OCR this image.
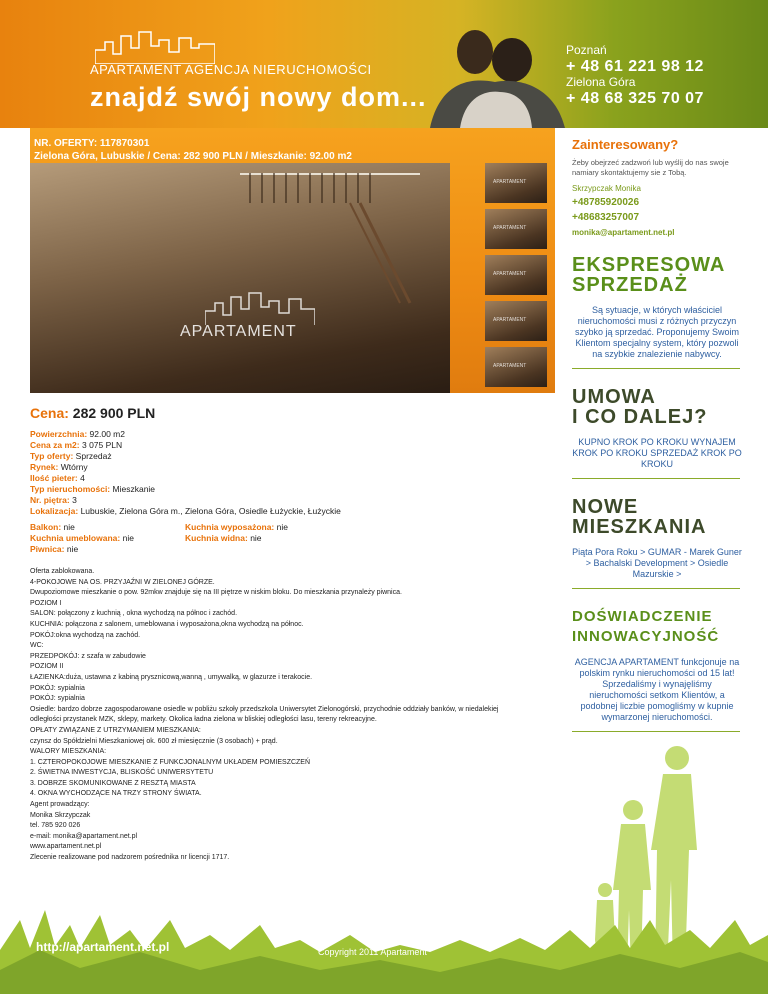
APARTAMENT AGENCJA NIERUCHOMOŚCI
znajdź swój nowy dom...
Poznań
+ 48 61 221 98 12
Zielona Góra
+ 48 68 325 70 07
NR. OFERTY: 117870301
Zielona Góra, Lubuskie / Cena: 282 900 PLN / Mieszkanie: 92.00 m2
APARTAMENT
APARTAMENT
APARTAMENT
APARTAMENT
APARTAMENT
APARTAMENT
Cena: 282 900 PLN
Powierzchnia: 92.00 m2
Cena za m2: 3 075 PLN
Typ oferty: Sprzedaż
Rynek: Wtórny
Ilość pieter: 4
Typ nieruchomości: Mieszkanie
Nr. piętra: 3
Lokalizacja: Lubuskie, Zielona Góra m., Zielona Góra, Osiedle Łużyckie, Łużyckie
Balkon: nie
Kuchnia umeblowana: nie
Piwnica: nie
Kuchnia wyposażona: nie
Kuchnia widna: nie
Oferta zablokowana.
4-POKOJOWE NA OS. PRZYJAŹNI W ZIELONEJ GÓRZE.
Dwupoziomowe mieszkanie o pow. 92mkw znajduje się na III piętrze w niskim bloku. Do mieszkania przynależy piwnica.
POZIOM I
SALON: połączony z kuchnią , okna wychodzą na północ i zachód.
KUCHNIA: połączona z salonem, umeblowana i wyposażona,okna wychodzą na północ.
POKÓJ:okna wychodzą na zachód.
WC:
PRZEDPOKÓJ: z szafa w zabudowie
POZIOM II
ŁAZIENKA:duża, ustawna z kabiną prysznicową,wanną , umywalką, w glazurze i terakocie.
POKÓJ: sypialnia
POKÓJ: sypialnia
Osiedle: bardzo dobrze zagospodarowane osiedle w pobliżu szkoły przedszkola Uniwersytet Zielonogórski, przychodnie oddziały banków, w niedalekiej
odległości przystanek MZK, sklepy, markety. Okolica ładna zielona w bliskiej odległości lasu, tereny rekreacyjne.
OPŁATY ZWIĄZANE Z UTRZYMANIEM MIESZKANIA:
czynsz do Spółdzielni Mieszkaniowej ok. 600 zł miesięcznie (3 osobach) + prąd.
WALORY MIESZKANIA:
1. CZTEROPOKOJOWE MIESZKANIE Z FUNKCJONALNYM UKŁADEM POMIESZCZEŃ
2. ŚWIETNA INWESTYCJA, BLISKOŚĆ UNIWERSYTETU
3. DOBRZE SKOMUNIKOWANE Z RESZTĄ MIASTA
4. OKNA WYCHODZĄCE NA TRZY STRONY ŚWIATA.
Agent prowadzący:
Monika Skrzypczak
tel. 785 920 026
e-mail: monika@apartament.net.pl
www.apartament.net.pl
Zlecenie realizowane pod nadzorem pośrednika nr licencji 1717.
Zainteresowany?
Żeby obejrzeć zadzwoń lub wyślij do nas swoje namiary skontaktujemy sie z Tobą.
Skrzypczak Monika
+48785920026
+48683257007
monika@apartament.net.pl
EKSPRESOWA
SPRZEDAŻ
Są sytuacje, w których właściciel nieruchomości musi z różnych przyczyn szybko ją sprzedać. Proponujemy Swoim Klientom specjalny system, który pozwoli na szybkie znalezienie nabywcy.
UMOWA
I CO DALEJ?
KUPNO KROK PO KROKU WYNAJEM KROK PO KROKU SPRZEDAŻ KROK PO KROKU
NOWE
MIESZKANIA
Piąta Pora Roku > GUMAR - Marek Guner > Bachalski Development > Osiedle Mazurskie >
DOŚWIADCZENIE
INNOWACYJNOŚĆ
AGENCJA APARTAMENT funkcjonuje na polskim rynku nieruchomości od 15 lat! Sprzedaliśmy i wynajęliśmy nieruchomości setkom Klientów, a podobnej liczbie pomogliśmy w kupnie wymarzonej nieruchomości.
http://apartament.net.pl	Copyright 2011 Apartament
